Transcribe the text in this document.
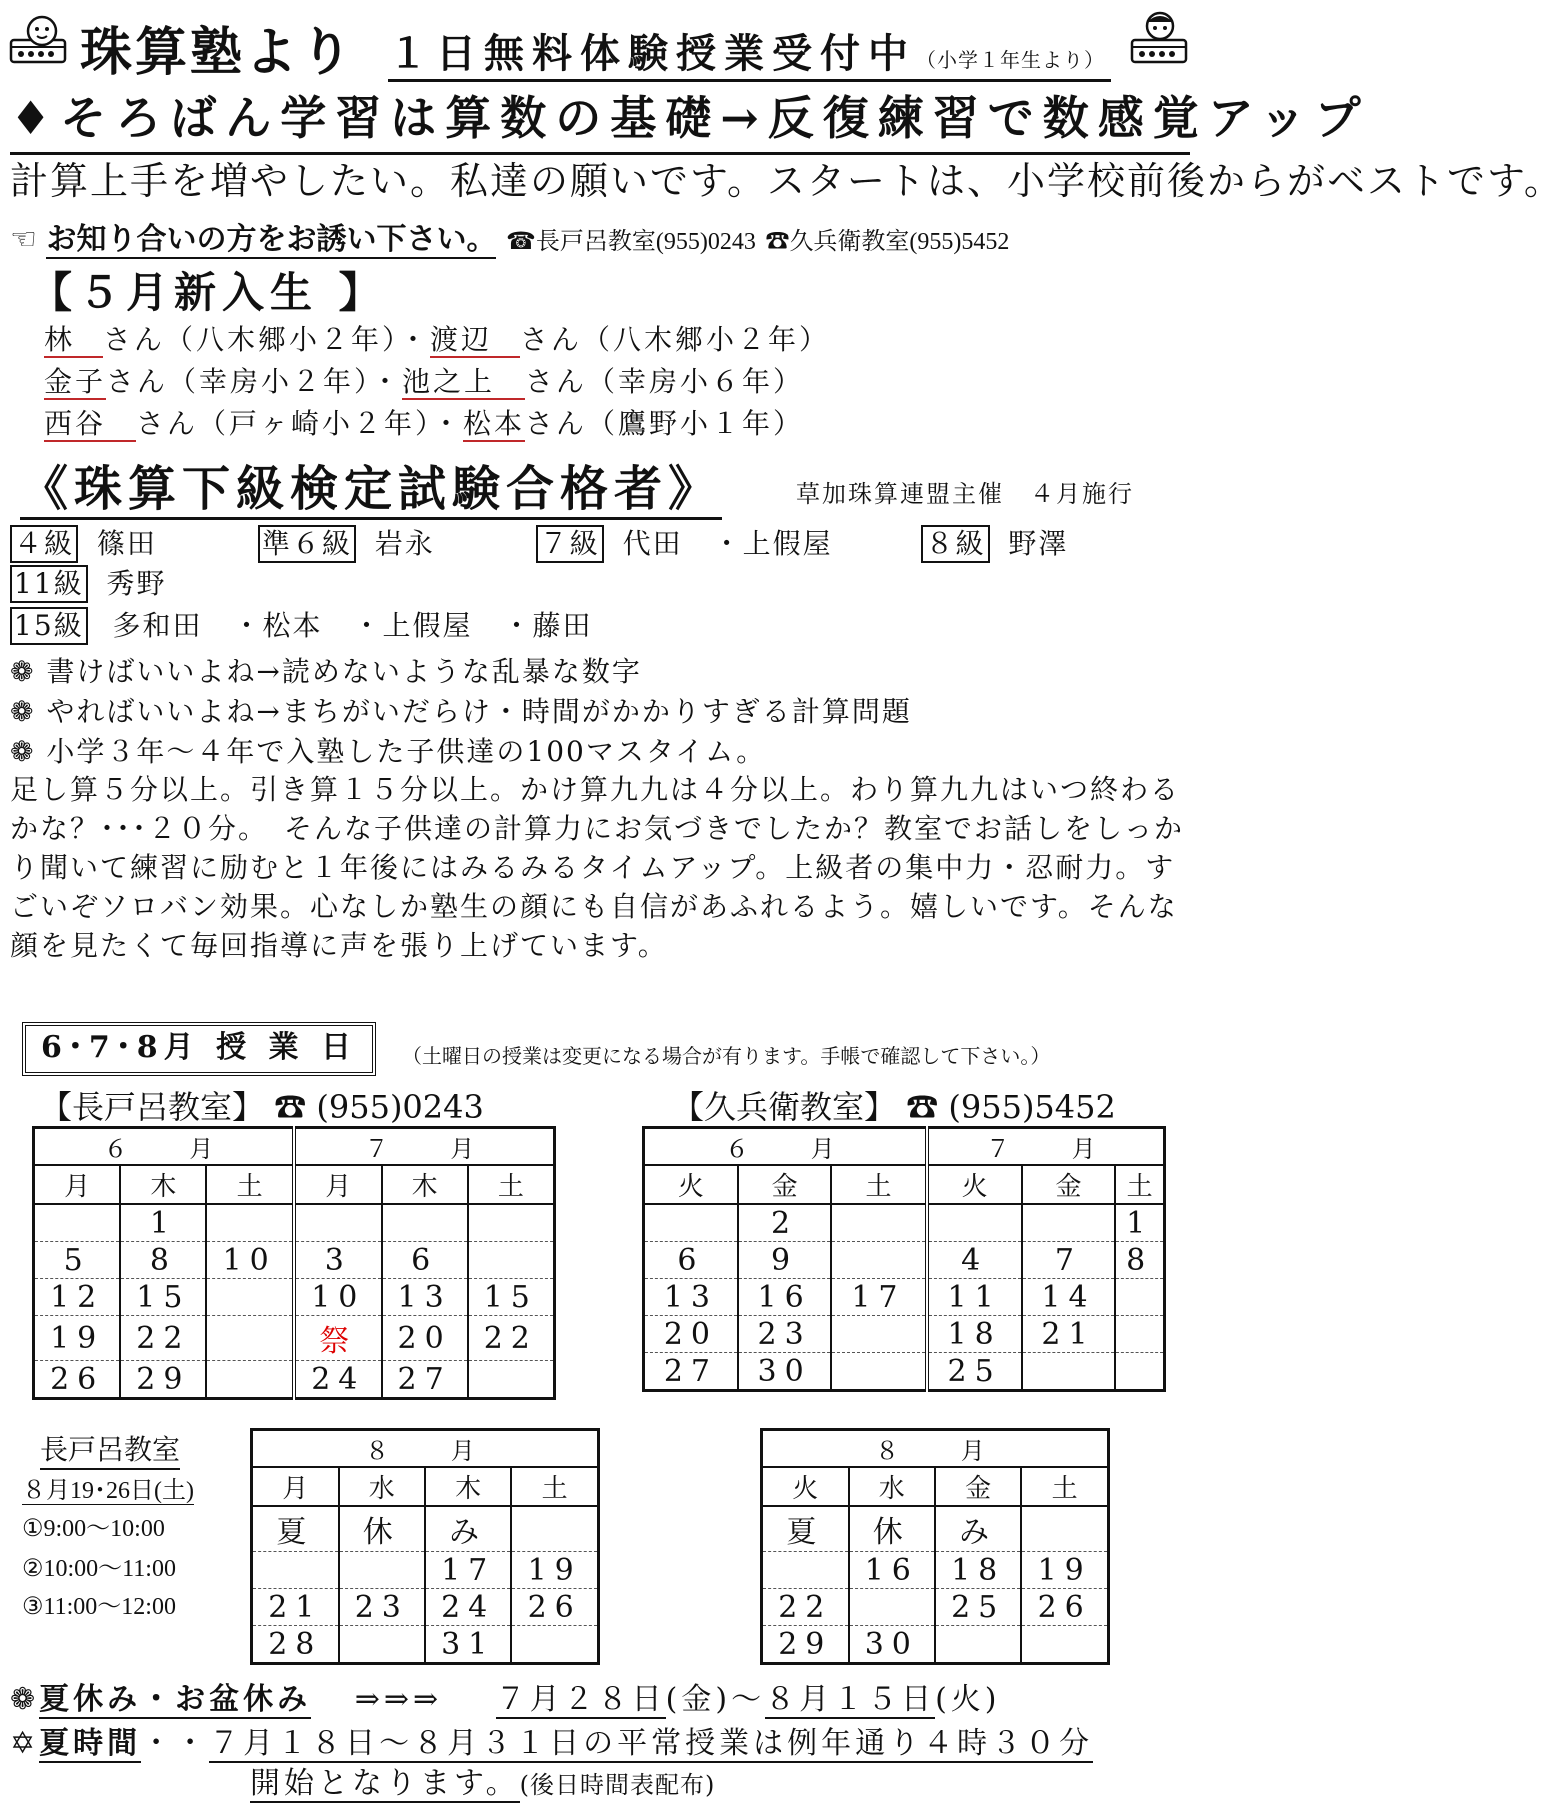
珠算塾より １日無料体験授業受付中（小学１年生より）
♦そろばん学習は算数の基礎→反復練習で数感覚アップ
計算上手を増やしたい。私達の願いです。スタートは、小学校前後からがベストです。
☜ お知り合いの方をお誘い下さい。 ☎長戸呂教室(955)0243 ☎久兵衛教室(955)5452
【５月新入生 】
林 さん（八木郷小２年）・渡辺 さん（八木郷小２年）
金子さん（幸房小２年）・池之上 さん（幸房小６年）
西谷 さん（戸ヶ崎小２年）・松本さん（鷹野小１年）
《珠算下級検定試験合格者》	草加珠算連盟主催　４月施行
４級 篠田	準６級 岩永	７級 代田　・上假屋	８級 野澤
11級 秀野
15級 多和田　・松本　・上假屋　・藤田
❁ 書けばいいよね→読めないような乱暴な数字
❁ やればいいよね→まちがいだらけ・時間がかかりすぎる計算問題
❁ 小学３年～４年で入塾した子供達の100マスタイム。
足し算５分以上。引き算１５分以上。かけ算九九は４分以上。わり算九九はいつ終わるかな？･･･２０分。　そんな子供達の計算力にお気づきでしたか？教室でお話しをしっかり聞いて練習に励むと１年後にはみるみるタイムアップ。上級者の集中力・忍耐力。すごいぞソロバン効果。心なしか塾生の顔にも自信があふれるよう。嬉しいです。そんな顔を見たくて毎回指導に声を張り上げています。
6･7･8月 授 業 日	（土曜日の授業は変更になる場合が有ります。手帳で確認して下さい。）
【長戸呂教室】 ☎ (955)0243	【久兵衛教室】 ☎ (955)5452
６　 月			７　 月		
月	木	土	月	木	土
	1				
5	8	10	3	6	
12	15		10	13	15
19	22		祭	20	22
26	29		24	27	
６　 月			７　 月		
火	金	土	火	金	土
	2				1
6	9		4	7	8
13	16	17	11	14	
20	23		18	21	
27	30		25		
長戸呂教室
８月19･26日(土)
①9:00～10:00
②10:00～11:00
③11:00～12:00
８　 月			
月	水	木	土
夏	休	み	
		17	19
21	23	24	26
28		31	
８　 月			
火	水	金	土
夏	休	み	
	16	18	19
22		25	26
29	30		
❁夏休み・お盆休み ⇒⇒⇒ ７月２８日(金)～８月１５日(火)
✡夏時間・・７月１８日～８月３１日の平常授業は例年通り４時３０分
開始となります。(後日時間表配布)
